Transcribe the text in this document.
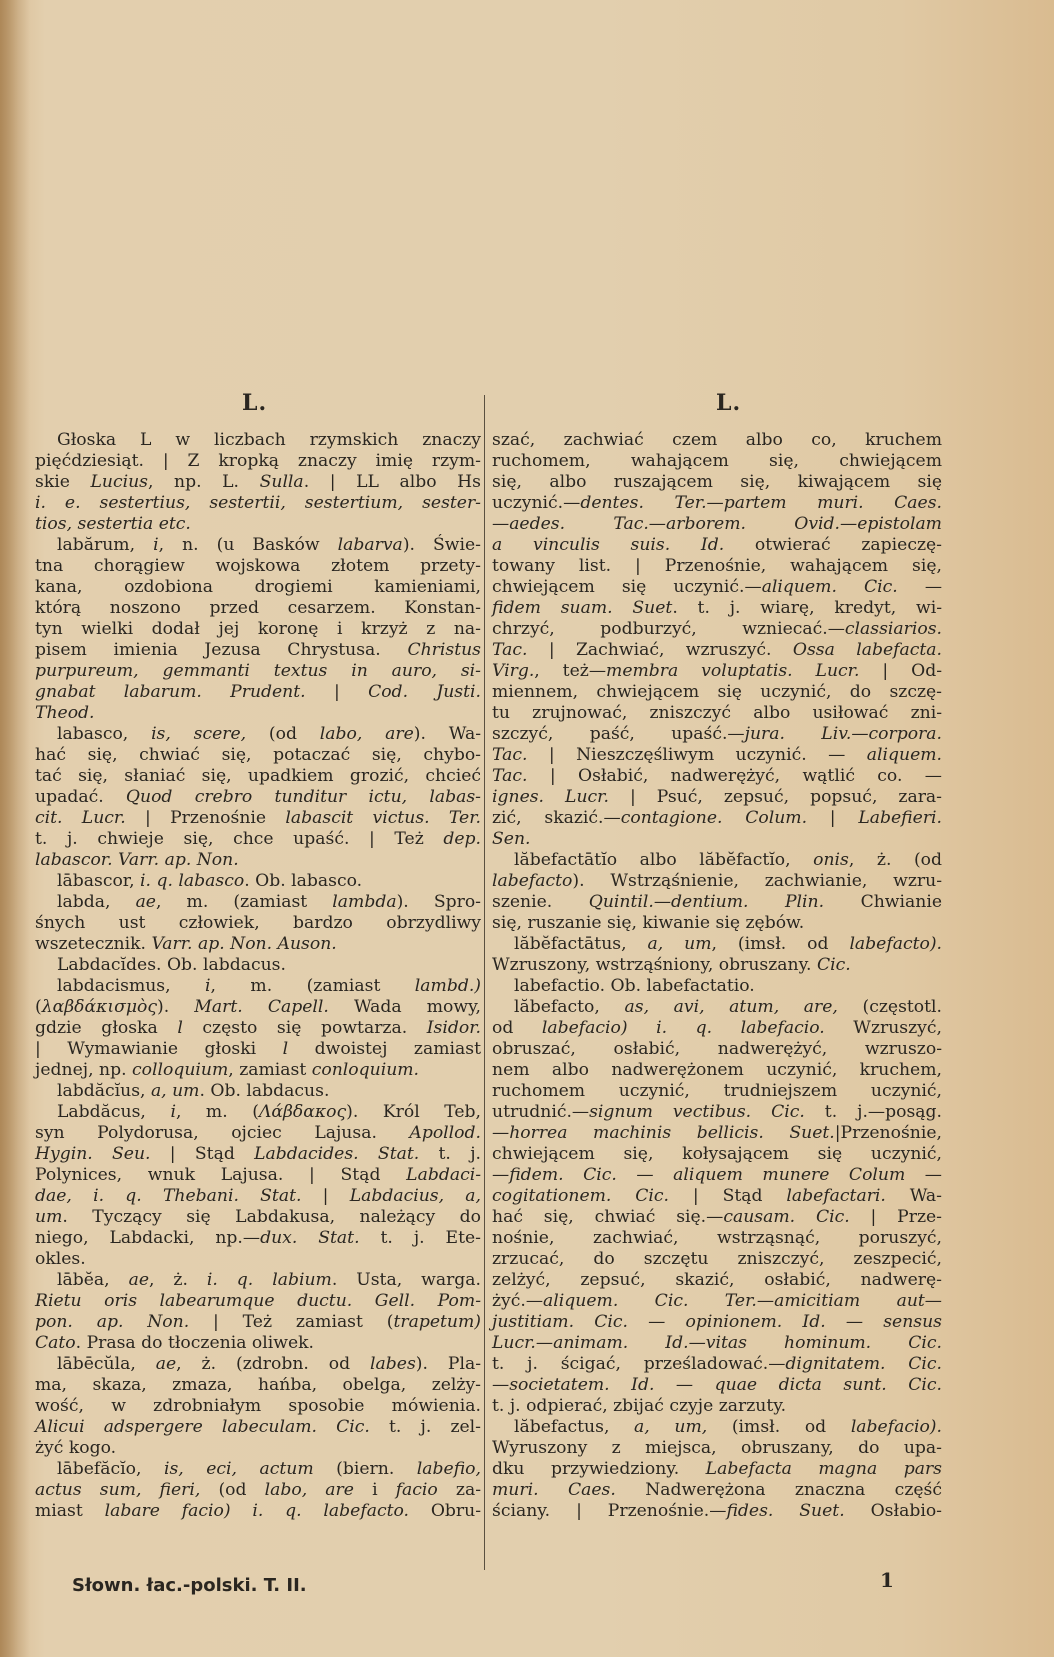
L.	L.
Głoska L w liczbach rzymskich znaczy
pięćdziesiąt. | Z kropką znaczy imię rzym-
skie Lucius, np. L. Sulla. | LL albo Hs
i. e. sestertius, sestertii, sestertium, sester-
tios, sestertia etc.
labărum, i, n. (u Basków labarva). Świe-
tna chorągiew wojskowa złotem przety-
kana, ozdobiona drogiemi kamieniami,
którą noszono przed cesarzem. Konstan-
tyn wielki dodał jej koronę i krzyż z na-
pisem imienia Jezusa Chrystusa. Christus
purpureum, gemmanti textus in auro, si-
gnabat labarum. Prudent. | Cod. Justi.
Theod.
labasco, is, scere, (od labo, are). Wa-
hać się, chwiać się, potaczać się, chybo-
tać się, słaniać się, upadkiem grozić, chcieć
upadać. Quod crebro tunditur ictu, labas-
cit. Lucr. | Przenośnie labascit victus. Ter.
t. j. chwieje się, chce upaść. | Też dep.
labascor. Varr. ap. Non.
lābascor, i. q. labasco. Ob. labasco.
labda, ae, m. (zamiast lambda). Spro-
śnych ust człowiek, bardzo obrzydliwy
wszetecznik. Varr. ap. Non. Auson.
Labdacĭdes. Ob. labdacus.
labdacismus, i, m. (zamiast lambd.)
(λαβδάκισμὸς). Mart. Capell. Wada mowy,
gdzie głoska l często się powtarza. Isidor.
| Wymawianie głoski l dwoistej zamiast
jednej, np. colloquium, zamiast conloquium.
labdăcĭus, a, um. Ob. labdacus.
Labdăcus, i, m. (Λάβδακος). Król Teb,
syn Polydorusa, ojciec Lajusa. Apollod.
Hygin. Seu. | Stąd Labdacides. Stat. t. j.
Polynices, wnuk Lajusa. | Stąd Labdaci-
dae, i. q. Thebani. Stat. | Labdacius, a,
um. Tyczący się Labdakusa, należący do
niego, Labdacki, np.—dux. Stat. t. j. Ete-
okles.
lābĕa, ae, ż. i. q. labium. Usta, warga.
Rietu oris labearumque ductu. Gell. Pom-
pon. ap. Non. | Też zamiast (trapetum)
Cato. Prasa do tłoczenia oliwek.
lābēcŭla, ae, ż. (zdrobn. od labes). Pla-
ma, skaza, zmaza, hańba, obelga, zelży-
wość, w zdrobniałym sposobie mówienia.
Alicui adspergere labeculam. Cic. t. j. zel-
żyć kogo.
lābefăcĭo, is, eci, actum (biern. labefio,
actus sum, fieri, (od labo, are i facio za-
miast labare facio) i. q. labefacto. Obru-
szać, zachwiać czem albo co, kruchem
ruchomem, wahającem się, chwiejącem
się, albo ruszającem się, kiwającem się
uczynić.—dentes. Ter.—partem muri. Caes.
—aedes. Tac.—arborem. Ovid.—epistolam
a vinculis suis. Id. otwierać zapieczę-
towany list. | Przenośnie, wahającem się,
chwiejącem się uczynić.—aliquem. Cic. —
fidem suam. Suet. t. j. wiarę, kredyt, wi-
chrzyć, podburzyć, wzniecać.—classiarios.
Tac. | Zachwiać, wzruszyć. Ossa labefacta.
Virg., też—membra voluptatis. Lucr. | Od-
miennem, chwiejącem się uczynić, do szczę-
tu zrujnować, zniszczyć albo usiłować zni-
szczyć, paść, upaść.—jura. Liv.—corpora.
Tac. | Nieszczęśliwym uczynić. — aliquem.
Tac. | Osłabić, nadwerężyć, wątlić co. —
ignes. Lucr. | Psuć, zepsuć, popsuć, zara-
zić, skazić.—contagione. Colum. | Labefieri.
Sen.
lăbefactātĭo albo lăbĕfactĭo, onis, ż. (od
labefacto). Wstrząśnienie, zachwianie, wzru-
szenie. Quintil.—dentium. Plin. Chwianie
się, ruszanie się, kiwanie się zębów.
lăbĕfactātus, a, um, (imsł. od labefacto).
Wzruszony, wstrząśniony, obruszany. Cic.
labefactio. Ob. labefactatio.
lăbefacto, as, avi, atum, are, (częstotl.
od labefacio) i. q. labefacio. Wzruszyć,
obruszać, osłabić, nadwerężyć, wzruszo-
nem albo nadwerężonem uczynić, kruchem,
ruchomem uczynić, trudniejszem uczynić,
utrudnić.—signum vectibus. Cic. t. j.—posąg.
—horrea machinis bellicis. Suet.|Przenośnie,
chwiejącem się, kołysającem się uczynić,
—fidem. Cic. — aliquem munere Colum —
cogitationem. Cic. | Stąd labefactari. Wa-
hać się, chwiać się.—causam. Cic. | Prze-
nośnie, zachwiać, wstrząsnąć, poruszyć,
zrzucać, do szczętu zniszczyć, zeszpecić,
zelżyć, zepsuć, skazić, osłabić, nadwerę-
żyć.—aliquem. Cic. Ter.—amicitiam aut—
justitiam. Cic. — opinionem. Id. — sensus
Lucr.—animam. Id.—vitas hominum. Cic.
t. j. ścigać, prześladować.—dignitatem. Cic.
—societatem. Id. — quae dicta sunt. Cic.
t. j. odpierać, zbijać czyje zarzuty.
lăbefactus, a, um, (imsł. od labefacio).
Wyruszony z miejsca, obruszany, do upa-
dku przywiedziony. Labefacta magna pars
muri. Caes. Nadwerężona znaczna część
ściany. | Przenośnie.—fides. Suet. Osłabio-
Słown. łac.-polski. T. II.	1
